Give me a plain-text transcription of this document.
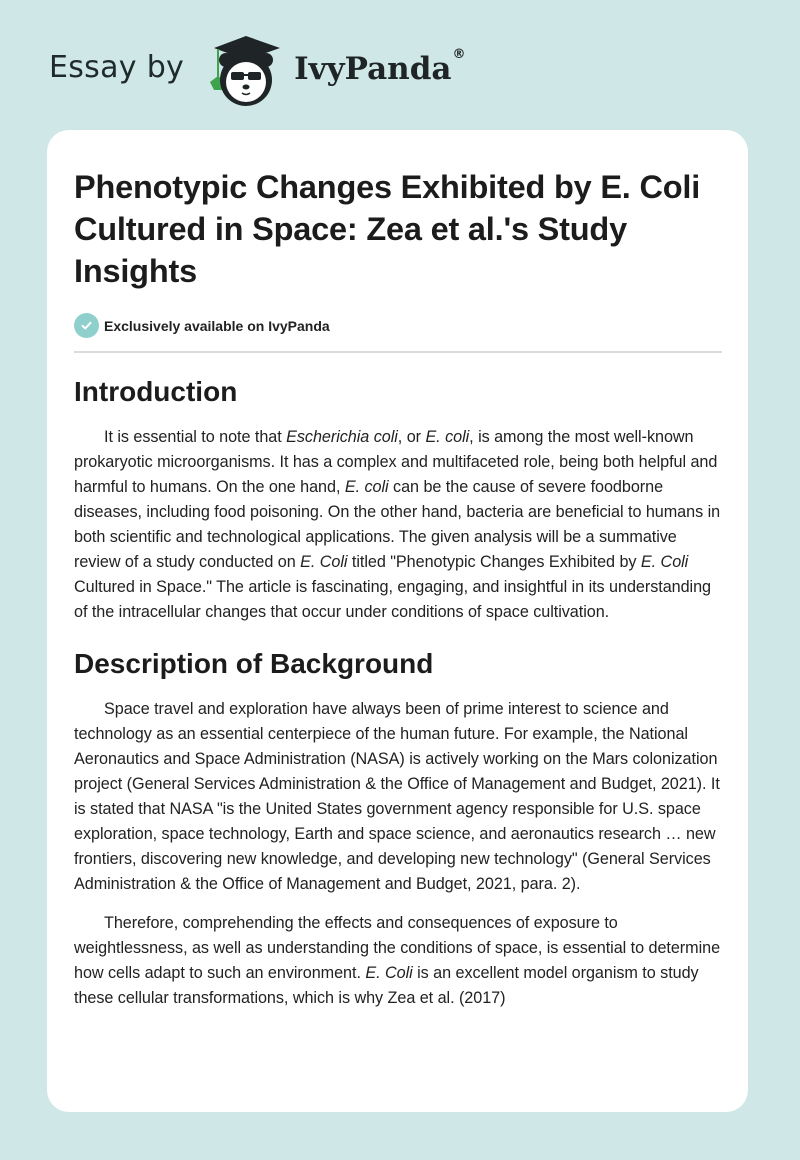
Essay by	IvyPanda®
Phenotypic Changes Exhibited by E. Coli Cultured in Space: Zea et al.'s Study Insights
Exclusively available on IvyPanda
Introduction

It is essential to note that Escherichia coli, or E. coli, is among the most well-known prokaryotic microorganisms. It has a complex and multifaceted role, being both helpful and harmful to humans. On the one hand, E. coli can be the cause of severe foodborne diseases, including food poisoning. On the other hand, bacteria are beneficial to humans in both scientific and technological applications. The given analysis will be a summative review of a study conducted on E. Coli titled "Phenotypic Changes Exhibited by E. Coli Cultured in Space." The article is fascinating, engaging, and insightful in its understanding of the intracellular changes that occur under conditions of space cultivation.

Description of Background

Space travel and exploration have always been of prime interest to science and technology as an essential centerpiece of the human future. For example, the National Aeronautics and Space Administration (NASA) is actively working on the Mars colonization project (General Services Administration & the Office of Management and Budget, 2021). It is stated that NASA "is the United States government agency responsible for U.S. space exploration, space technology, Earth and space science, and aeronautics research … new frontiers, discovering new knowledge, and developing new technology" (General Services Administration & the Office of Management and Budget, 2021, para. 2).

Therefore, comprehending the effects and consequences of exposure to weightlessness, as well as understanding the conditions of space, is essential to determine how cells adapt to such an environment. E. Coli is an excellent model organism to study these cellular transformations, which is why Zea et al. (2017)
